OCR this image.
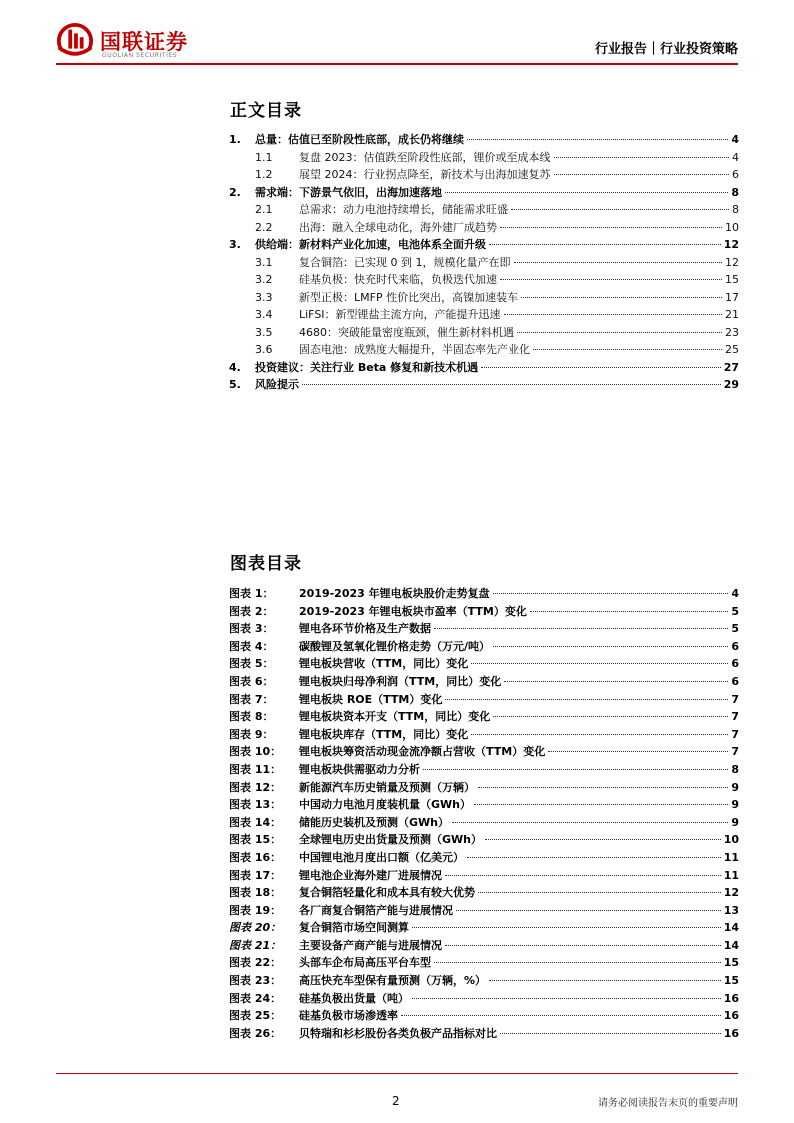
国联证券
GUOLIAN SECURITIES	行业报告｜行业投资策略
正文目录
1. 总量：估值已至阶段性底部，成长仍将继续	4
1.1 复盘 2023：估值跌至阶段性底部，锂价或至成本线	4
1.2 展望 2024：行业拐点降至，新技术与出海加速复苏	6
2. 需求端：下游景气依旧，出海加速落地	8
2.1 总需求：动力电池持续增长，储能需求旺盛	8
2.2 出海：融入全球电动化，海外建厂成趋势	10
3. 供给端：新材料产业化加速，电池体系全面升级	12
3.1 复合铜箔：已实现 0 到 1，规模化量产在即	12
3.2 硅基负极：快充时代来临，负极迭代加速	15
3.3 新型正极：LMFP 性价比突出，高镍加速装车	17
3.4 LiFSI：新型锂盐主流方向，产能提升迅速	21
3.5 4680：突破能量密度瓶颈，催生新材料机遇	23
3.6 固态电池：成熟度大幅提升，半固态率先产业化	25
4. 投资建议：关注行业 Beta 修复和新技术机遇	27
5. 风险提示	29
图表目录
图表 1： 2019-2023 年锂电板块股价走势复盘	4
图表 2： 2019-2023 年锂电板块市盈率（TTM）变化	5
图表 3： 锂电各环节价格及生产数据	5
图表 4： 碳酸锂及氢氧化锂价格走势（万元/吨）	6
图表 5： 锂电板块营收（TTM，同比）变化	6
图表 6： 锂电板块归母净利润（TTM，同比）变化	6
图表 7： 锂电板块 ROE（TTM）变化	7
图表 8： 锂电板块资本开支（TTM，同比）变化	7
图表 9： 锂电板块库存（TTM，同比）变化	7
图表 10： 锂电板块筹资活动现金流净额占营收（TTM）变化	7
图表 11： 锂电板块供需驱动力分析	8
图表 12： 新能源汽车历史销量及预测（万辆）	9
图表 13： 中国动力电池月度装机量（GWh）	9
图表 14： 储能历史装机及预测（GWh）	9
图表 15： 全球锂电历史出货量及预测（GWh）	10
图表 16： 中国锂电池月度出口额（亿美元）	11
图表 17： 锂电池企业海外建厂进展情况	11
图表 18： 复合铜箔轻量化和成本具有较大优势	12
图表 19： 各厂商复合铜箔产能与进展情况	13
图表 20： 复合铜箔市场空间测算	14
图表 21： 主要设备产商产能与进展情况	14
图表 22： 头部车企布局高压平台车型	15
图表 23： 高压快充车型保有量预测（万辆，%）	15
图表 24： 硅基负极出货量（吨）	16
图表 25： 硅基负极市场渗透率	16
图表 26： 贝特瑞和杉杉股份各类负极产品指标对比	16
2	请务必阅读报告末页的重要声明
